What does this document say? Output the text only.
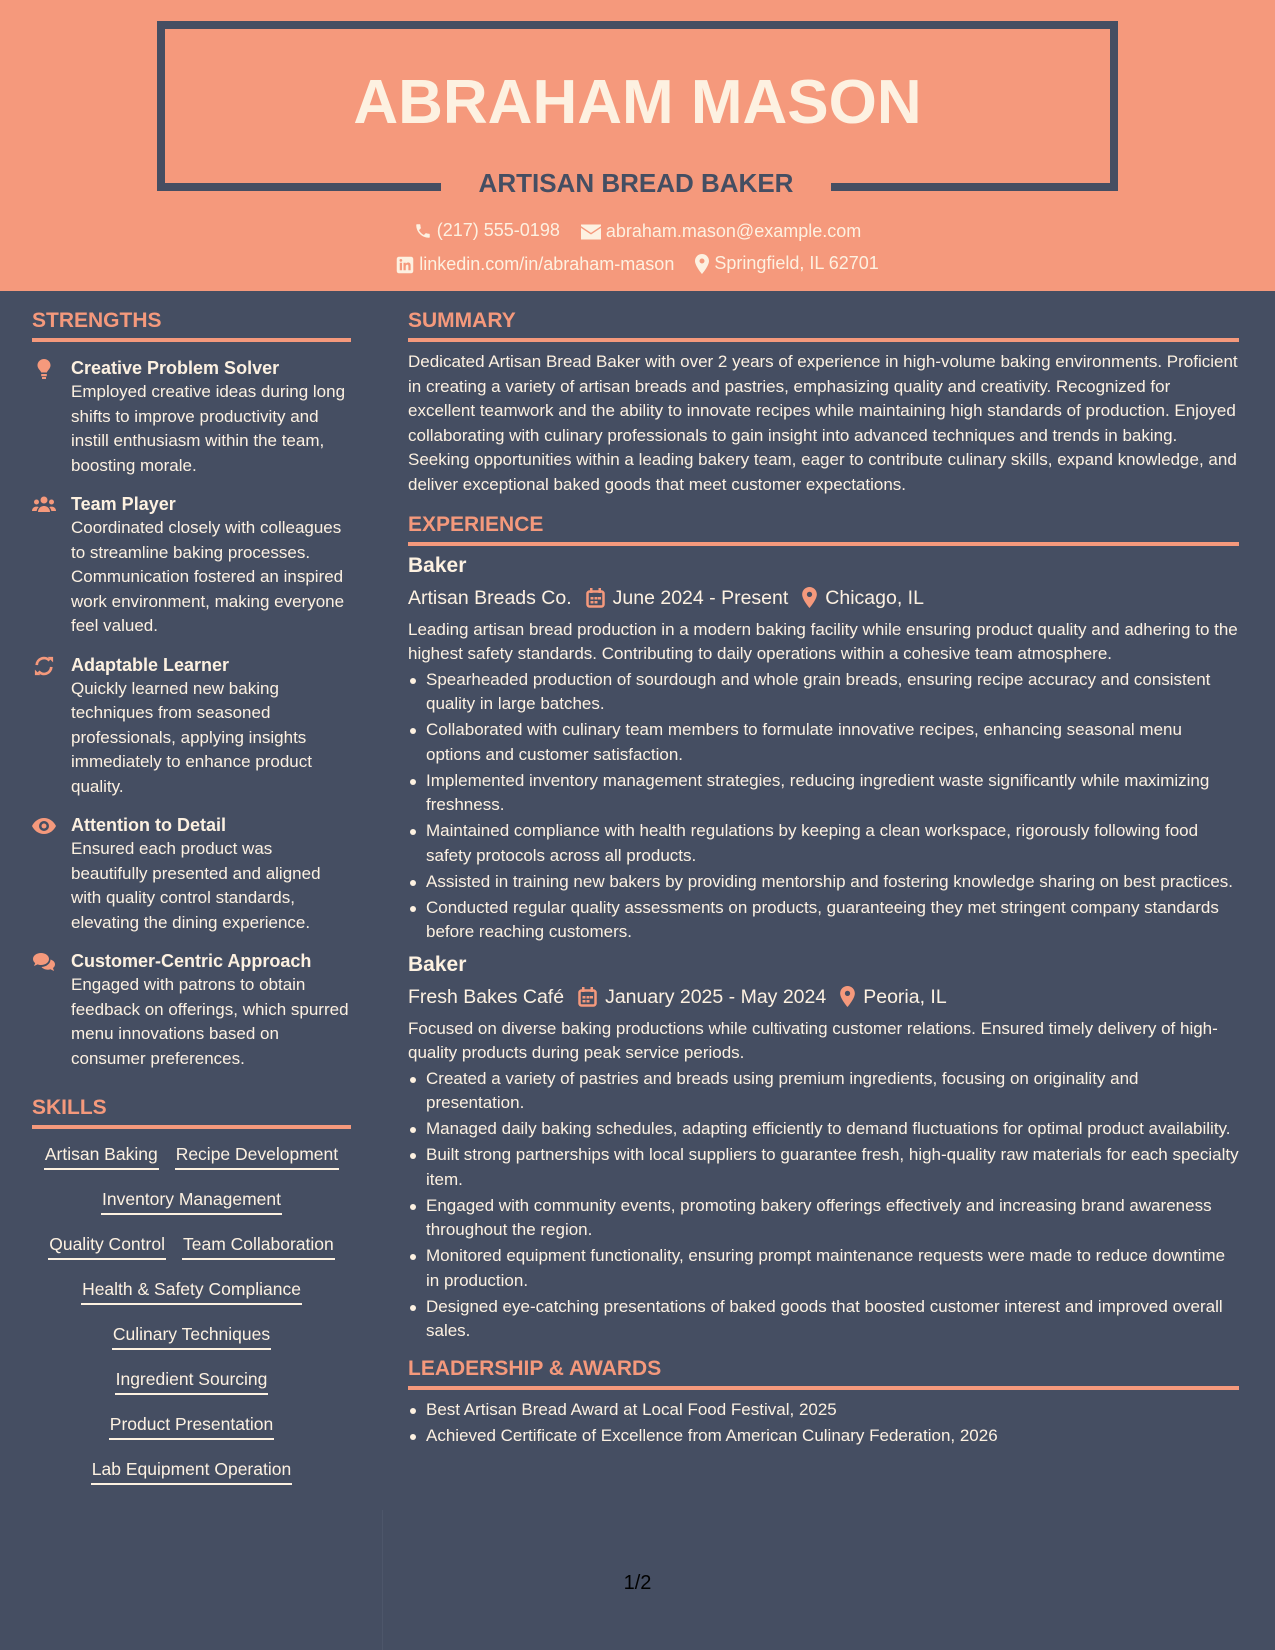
ABRAHAM MASON
ARTISAN BREAD BAKER
(217) 555-0198
	abraham.mason@example.com
linkedin.com/in/abraham-mason
Springfield, IL 62701
STRENGTHS
Creative Problem Solver
Employed creative ideas during long shifts to improve productivity and instill enthusiasm within the team, boosting morale.
Team Player
Coordinated closely with colleagues to streamline baking processes. Communication fostered an inspired work environment, making everyone feel valued.
Adaptable Learner
Quickly learned new baking techniques from seasoned professionals, applying insights immediately to enhance product quality.
Attention to Detail
Ensured each product was beautifully presented and aligned with quality control standards, elevating the dining experience.
Customer-Centric Approach
Engaged with patrons to obtain feedback on offerings, which spurred menu innovations based on consumer preferences.
SKILLS
Artisan Baking Recipe Development
Inventory Management
Quality Control Team Collaboration
Health & Safety Compliance
Culinary Techniques
Ingredient Sourcing
Product Presentation
Lab Equipment Operation
SUMMARY
Dedicated Artisan Bread Baker with over 2 years of experience in high-volume baking environments. Proficient in creating a variety of artisan breads and pastries, emphasizing quality and creativity. Recognized for excellent teamwork and the ability to innovate recipes while maintaining high standards of production. Enjoyed collaborating with culinary professionals to gain insight into advanced techniques and trends in baking. Seeking opportunities within a leading bakery team, eager to contribute culinary skills, expand knowledge, and deliver exceptional baked goods that meet customer expectations.
EXPERIENCE
Baker
Artisan Breads Co. June 2024 - Present Chicago, IL
Leading artisan bread production in a modern baking facility while ensuring product quality and adhering to the highest safety standards. Contributing to daily operations within a cohesive team atmosphere.
Spearheaded production of sourdough and whole grain breads, ensuring recipe accuracy and consistent quality in large batches.
Collaborated with culinary team members to formulate innovative recipes, enhancing seasonal menu options and customer satisfaction.
Implemented inventory management strategies, reducing ingredient waste significantly while maximizing freshness.
Maintained compliance with health regulations by keeping a clean workspace, rigorously following food safety protocols across all products.
Assisted in training new bakers by providing mentorship and fostering knowledge sharing on best practices.
Conducted regular quality assessments on products, guaranteeing they met stringent company standards before reaching customers.
Baker
Fresh Bakes Café January 2025 - May 2024 Peoria, IL
Focused on diverse baking productions while cultivating customer relations. Ensured timely delivery of high-quality products during peak service periods.
Created a variety of pastries and breads using premium ingredients, focusing on originality and presentation.
Managed daily baking schedules, adapting efficiently to demand fluctuations for optimal product availability.
Built strong partnerships with local suppliers to guarantee fresh, high-quality raw materials for each specialty item.
Engaged with community events, promoting bakery offerings effectively and increasing brand awareness throughout the region.
Monitored equipment functionality, ensuring prompt maintenance requests were made to reduce downtime in production.
Designed eye-catching presentations of baked goods that boosted customer interest and improved overall sales.
LEADERSHIP & AWARDS
Best Artisan Bread Award at Local Food Festival, 2025
Achieved Certificate of Excellence from American Culinary Federation, 2026
1/2
